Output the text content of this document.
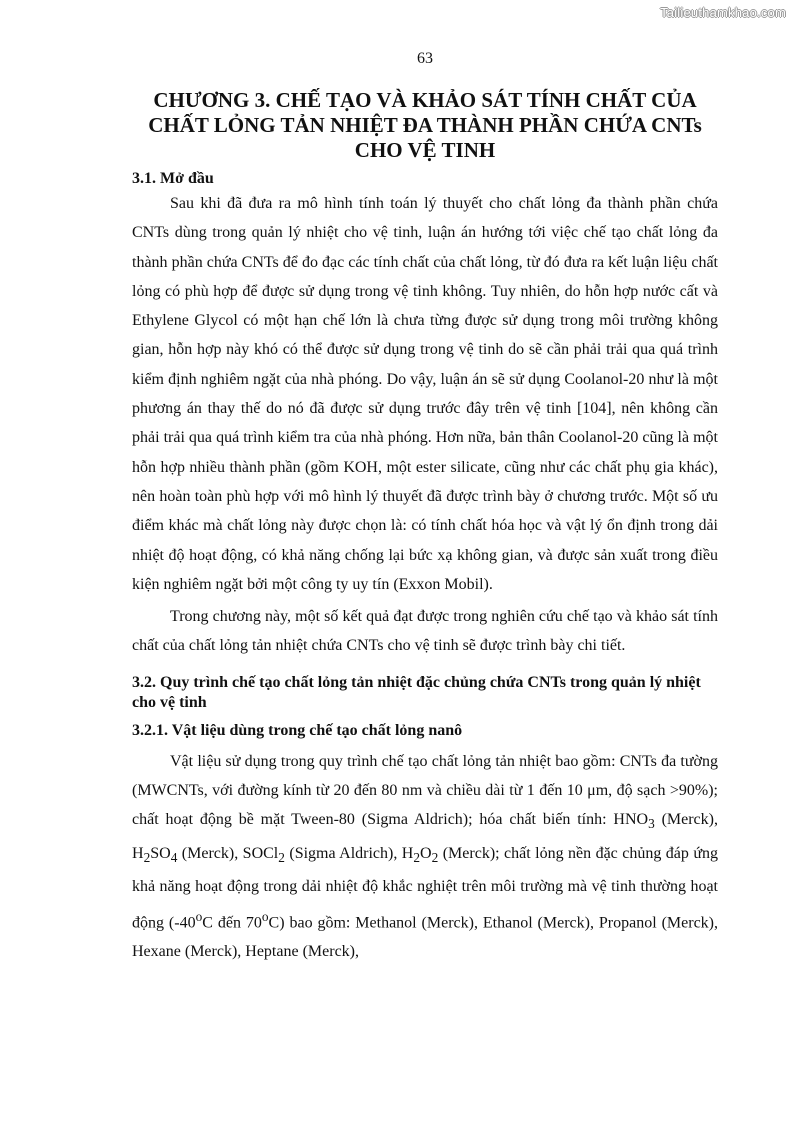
Tailieuthamkhao.com
63
CHƯƠNG 3. CHẾ TẠO VÀ KHẢO SÁT TÍNH CHẤT CỦA
CHẤT LỎNG TẢN NHIỆT ĐA THÀNH PHẦN CHỨA CNTs
CHO VỆ TINH
3.1. Mở đầu

Sau khi đã đưa ra mô hình tính toán lý thuyết cho chất lỏng đa thành phần chứa CNTs dùng trong quản lý nhiệt cho vệ tinh, luận án hướng tới việc chế tạo chất lỏng đa thành phần chứa CNTs để đo đạc các tính chất của chất lỏng, từ đó đưa ra kết luận liệu chất lỏng có phù hợp để được sử dụng trong vệ tinh không. Tuy nhiên, do hỗn hợp nước cất và Ethylene Glycol có một hạn chế lớn là chưa từng được sử dụng trong môi trường không gian, hỗn hợp này khó có thể được sử dụng trong vệ tinh do sẽ cần phải trải qua quá trình kiểm định nghiêm ngặt của nhà phóng. Do vậy, luận án sẽ sử dụng Coolanol-20 như là một phương án thay thế do nó đã được sử dụng trước đây trên vệ tinh [104], nên không cần phải trải qua quá trình kiểm tra của nhà phóng. Hơn nữa, bản thân Coolanol-20 cũng là một hỗn hợp nhiều thành phần (gồm KOH, một ester silicate, cũng như các chất phụ gia khác), nên hoàn toàn phù hợp với mô hình lý thuyết đã được trình bày ở chương trước. Một số ưu điểm khác mà chất lỏng này được chọn là: có tính chất hóa học và vật lý ổn định trong dải nhiệt độ hoạt động, có khả năng chống lại bức xạ không gian, và được sản xuất trong điều kiện nghiêm ngặt bởi một công ty uy tín (Exxon Mobil).

Trong chương này, một số kết quả đạt được trong nghiên cứu chế tạo và khảo sát tính chất của chất lỏng tản nhiệt chứa CNTs cho vệ tinh sẽ được trình bày chi tiết.

3.2. Quy trình chế tạo chất lỏng tản nhiệt đặc chủng chứa CNTs trong quản lý nhiệt cho vệ tinh
3.2.1. Vật liệu dùng trong chế tạo chất lỏng nanô

Vật liệu sử dụng trong quy trình chế tạo chất lỏng tản nhiệt bao gồm: CNTs đa tường (MWCNTs, với đường kính từ 20 đến 80 nm và chiều dài từ 1 đến 10 μm, độ sạch >90%); chất hoạt động bề mặt Tween-80 (Sigma Aldrich); hóa chất biến tính: $HNO_3$ (Merck), $H_2SO_4$ (Merck), SOCl$_2$ (Sigma Aldrich), $H_2O_2$ (Merck); chất lỏng nền đặc chủng đáp ứng khả năng hoạt động trong dải nhiệt độ khắc nghiệt trên môi trường mà vệ tinh thường hoạt động (-40$^o$C đến 70$^o$C) bao gồm: Methanol (Merck), Ethanol (Merck), Propanol (Merck), Hexane (Merck), Heptane (Merck),
